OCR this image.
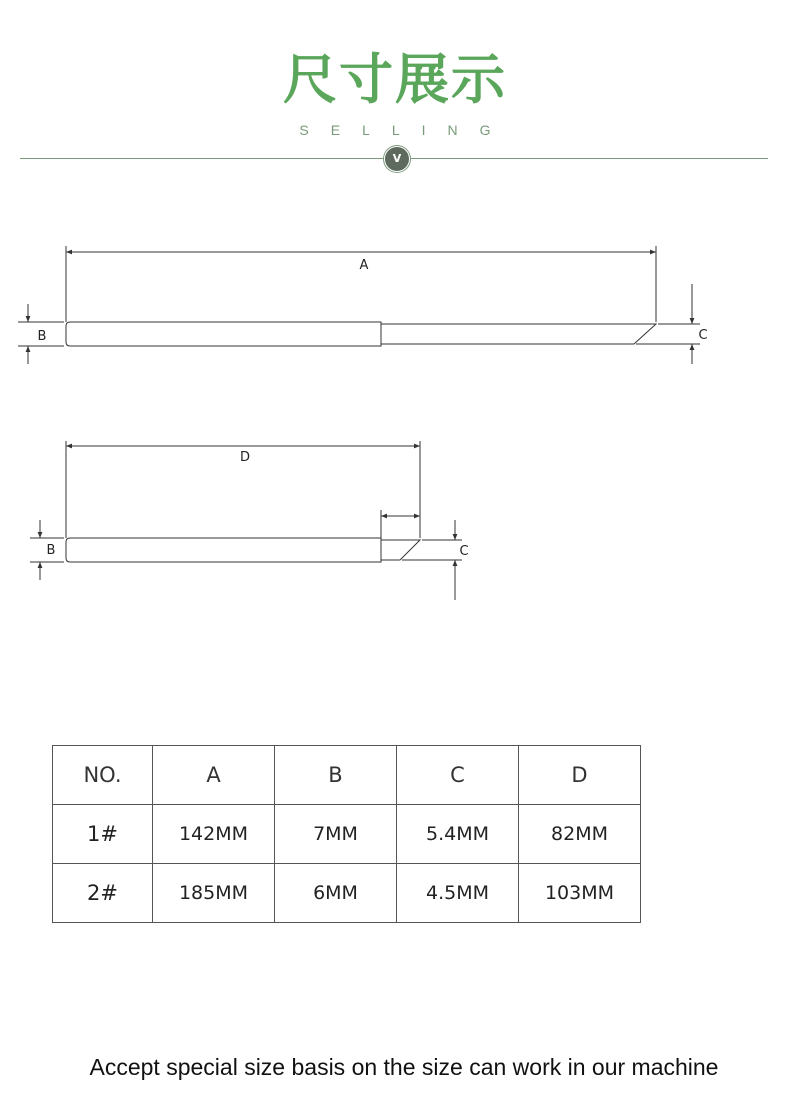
尺寸展示
SELLING
V
A
B	C
D
B	C
NO.	A	B	C	D
1#	142MM	7MM	5.4MM	82MM
2#	185MM	6MM	4.5MM	103MM
Accept special size basis on the size can work in our machine
